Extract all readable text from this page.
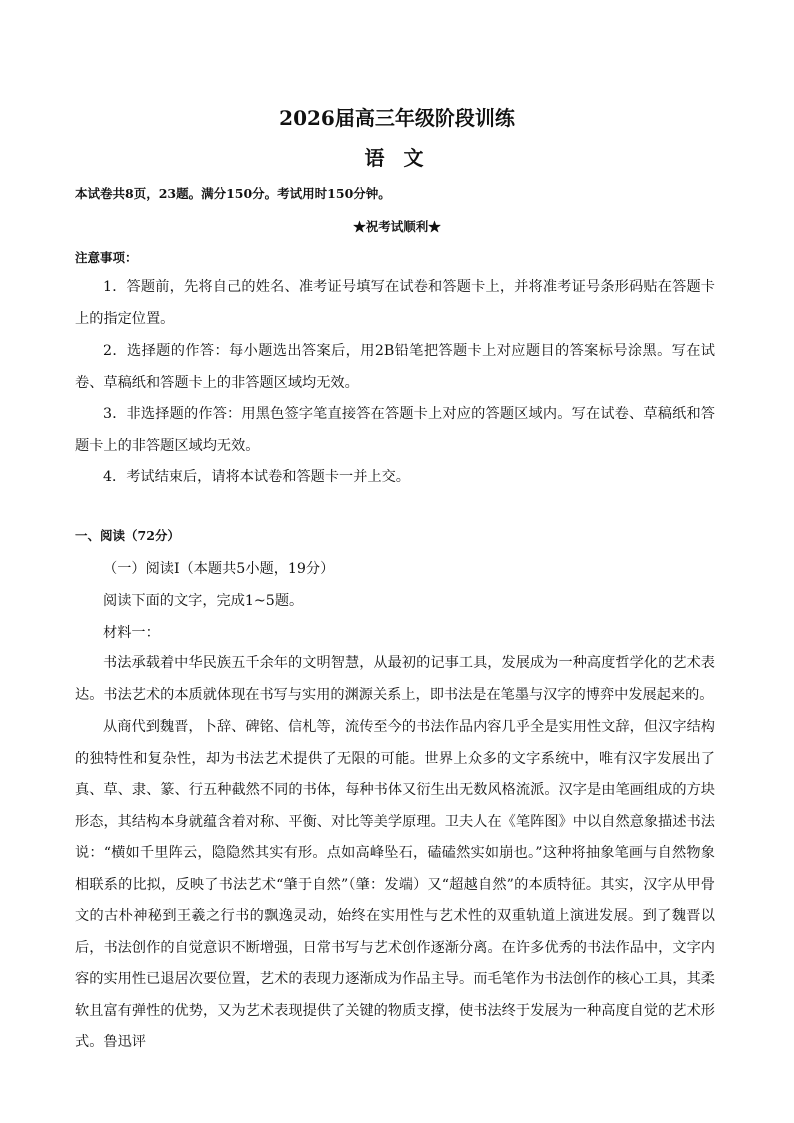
2026届高三年级阶段训练
语 文
本试卷共8页，23题。满分150分。考试用时150分钟。
★祝考试顺利★
注意事项：

1．答题前，先将自己的姓名、准考证号填写在试卷和答题卡上，并将准考证号条形码贴在答题卡上的指定位置。

2．选择题的作答：每小题选出答案后，用2B铅笔把答题卡上对应题目的答案标号涂黑。写在试卷、草稿纸和答题卡上的非答题区域均无效。

3．非选择题的作答：用黑色签字笔直接答在答题卡上对应的答题区域内。写在试卷、草稿纸和答题卡上的非答题区域均无效。

4．考试结束后，请将本试卷和答题卡一并上交。

一、阅读（72分）
（一）阅读I（本题共5小题，19分）
阅读下面的文字，完成1~5题。
材料一：

书法承载着中华民族五千余年的文明智慧，从最初的记事工具，发展成为一种高度哲学化的艺术表达。书法艺术的本质就体现在书写与实用的渊源关系上，即书法是在笔墨与汉字的博弈中发展起来的。

从商代到魏晋，卜辞、碑铭、信札等，流传至今的书法作品内容几乎全是实用性文辞，但汉字结构的独特性和复杂性，却为书法艺术提供了无限的可能。世界上众多的文字系统中，唯有汉字发展出了真、草、隶、篆、行五种截然不同的书体，每种书体又衍生出无数风格流派。汉字是由笔画组成的方块形态，其结构本身就蕴含着对称、平衡、对比等美学原理。卫夫人在《笔阵图》中以自然意象描述书法说：“横如千里阵云，隐隐然其实有形。点如高峰坠石，磕磕然实如崩也。”这种将抽象笔画与自然物象相联系的比拟，反映了书法艺术“肇于自然”（肇：发端）又“超越自然”的本质特征。其实，汉字从甲骨文的古朴神秘到王羲之行书的飘逸灵动，始终在实用性与艺术性的双重轨道上演进发展。到了魏晋以后，书法创作的自觉意识不断增强，日常书写与艺术创作逐渐分离。在许多优秀的书法作品中，文字内容的实用性已退居次要位置，艺术的表现力逐渐成为作品主导。而毛笔作为书法创作的核心工具，其柔软且富有弹性的优势，又为艺术表现提供了关键的物质支撑，使书法终于发展为一种高度自觉的艺术形式。鲁迅评
